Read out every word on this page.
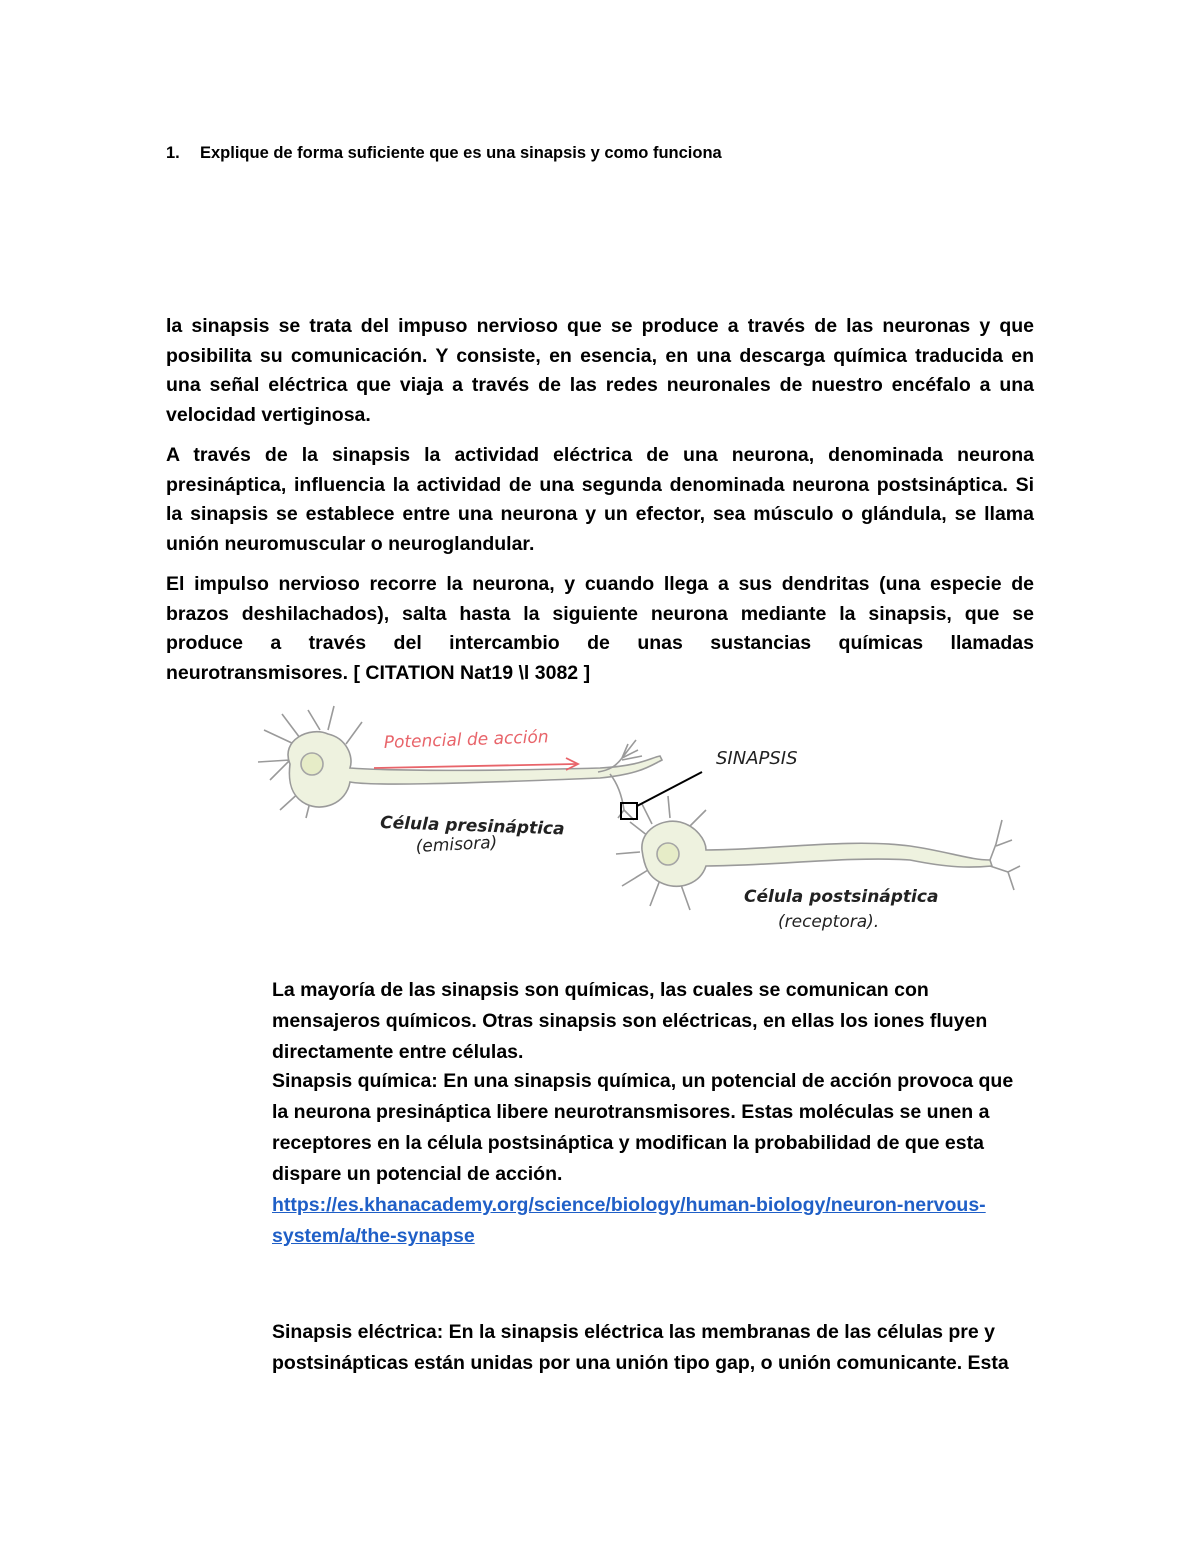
1. Explique de forma suficiente que es una sinapsis y como funciona
la sinapsis se trata del impuso nervioso que se produce a través de las neuronas y que
posibilita su comunicación. Y consiste, en esencia, en una descarga química traducida en
una señal eléctrica que viaja a través de las redes neuronales de nuestro encéfalo a una
velocidad vertiginosa.
A través de la sinapsis la actividad eléctrica de una neurona, denominada neurona
presináptica, influencia la actividad de una segunda denominada neurona postsináptica. Si
la sinapsis se establece entre una neurona y un efector, sea músculo o glándula, se llama
unión neuromuscular o neuroglandular.
El impulso nervioso recorre la neurona, y cuando llega a sus dendritas (una especie de
brazos deshilachados), salta hasta la siguiente neurona mediante la sinapsis, que se
produce a través del intercambio de unas sustancias químicas llamadas
neurotransmisores. [ CITATION Nat19 \l 3082 ]
Potencial de acción
SINAPSIS
Célula presináptica
(emisora)
Célula postsináptica
(receptora).
La mayoría de las sinapsis son químicas, las cuales se comunican con mensajeros químicos. Otras sinapsis son eléctricas, en ellas los iones fluyen directamente entre células.
Sinapsis química: En una sinapsis química, un potencial de acción provoca que la neurona presináptica libere neurotransmisores. Estas moléculas se unen a receptores en la célula postsináptica y modifican la probabilidad de que esta dispare un potencial de acción.
https://es.khanacademy.org/science/biology/human-biology/neuron-nervous- system/a/the-synapse
Sinapsis eléctrica: En la sinapsis eléctrica las membranas de las células pre y postsinápticas están unidas por una unión tipo gap, o unión comunicante. Esta
